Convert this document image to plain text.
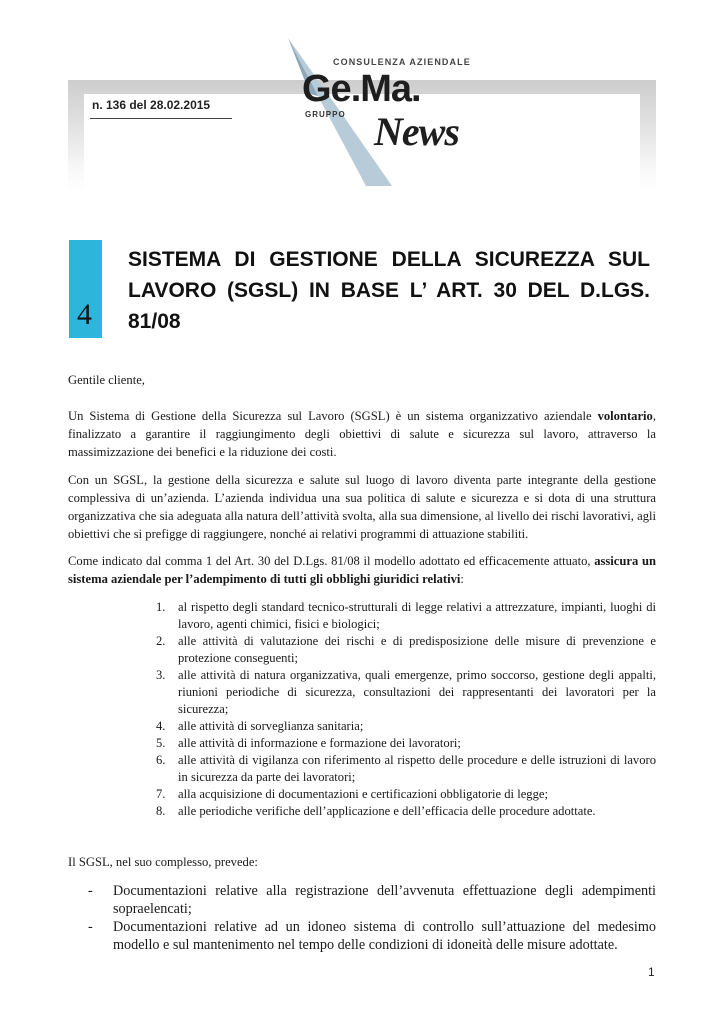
n. 136 del 28.02.2015
CONSULENZA AZIENDALE
Ge.Ma.
GRUPPO News
4
SISTEMA DI GESTIONE DELLA SICUREZZA SUL LAVORO (SGSL) IN BASE L’ ART. 30 DEL D.LGS. 81/08
Gentile cliente,
Un Sistema di Gestione della Sicurezza sul Lavoro (SGSL) è un sistema organizzativo aziendale volontario, finalizzato a garantire il raggiungimento degli obiettivi di salute e sicurezza sul lavoro, attraverso la massimizzazione dei benefici e la riduzione dei costi.
Con un SGSL, la gestione della sicurezza e salute sul luogo di lavoro diventa parte integrante della gestione complessiva di un’azienda. L’azienda individua una sua politica di salute e sicurezza e si dota di una struttura organizzativa che sia adeguata alla natura dell’attività svolta, alla sua dimensione, al livello dei rischi lavorativi, agli obiettivi che si prefigge di raggiungere, nonché ai relativi programmi di attuazione stabiliti.
Come indicato dal comma 1 del Art. 30 del D.Lgs. 81/08 il modello adottato ed efficacemente attuato, assicura un sistema aziendale per l’adempimento di tutti gli obblighi giuridici relativi:
1. al rispetto degli standard tecnico-strutturali di legge relativi a attrezzature, impianti, luoghi di lavoro, agenti chimici, fisici e biologici;
2. alle attività di valutazione dei rischi e di predisposizione delle misure di prevenzione e protezione conseguenti;
3. alle attività di natura organizzativa, quali emergenze, primo soccorso, gestione degli appalti, riunioni periodiche di sicurezza, consultazioni dei rappresentanti dei lavoratori per la sicurezza;
4. alle attività di sorveglianza sanitaria;
5. alle attività di informazione e formazione dei lavoratori;
6. alle attività di vigilanza con riferimento al rispetto delle procedure e delle istruzioni di lavoro in sicurezza da parte dei lavoratori;
7. alla acquisizione di documentazioni e certificazioni obbligatorie di legge;
8. alle periodiche verifiche dell’applicazione e dell’efficacia delle procedure adottate.
Il SGSL, nel suo complesso, prevede:
- Documentazioni relative alla registrazione dell’avvenuta effettuazione degli adempimenti sopraelencati;
- Documentazioni relative ad un idoneo sistema di controllo sull’attuazione del medesimo modello e sul mantenimento nel tempo delle condizioni di idoneità delle misure adottate.
1
